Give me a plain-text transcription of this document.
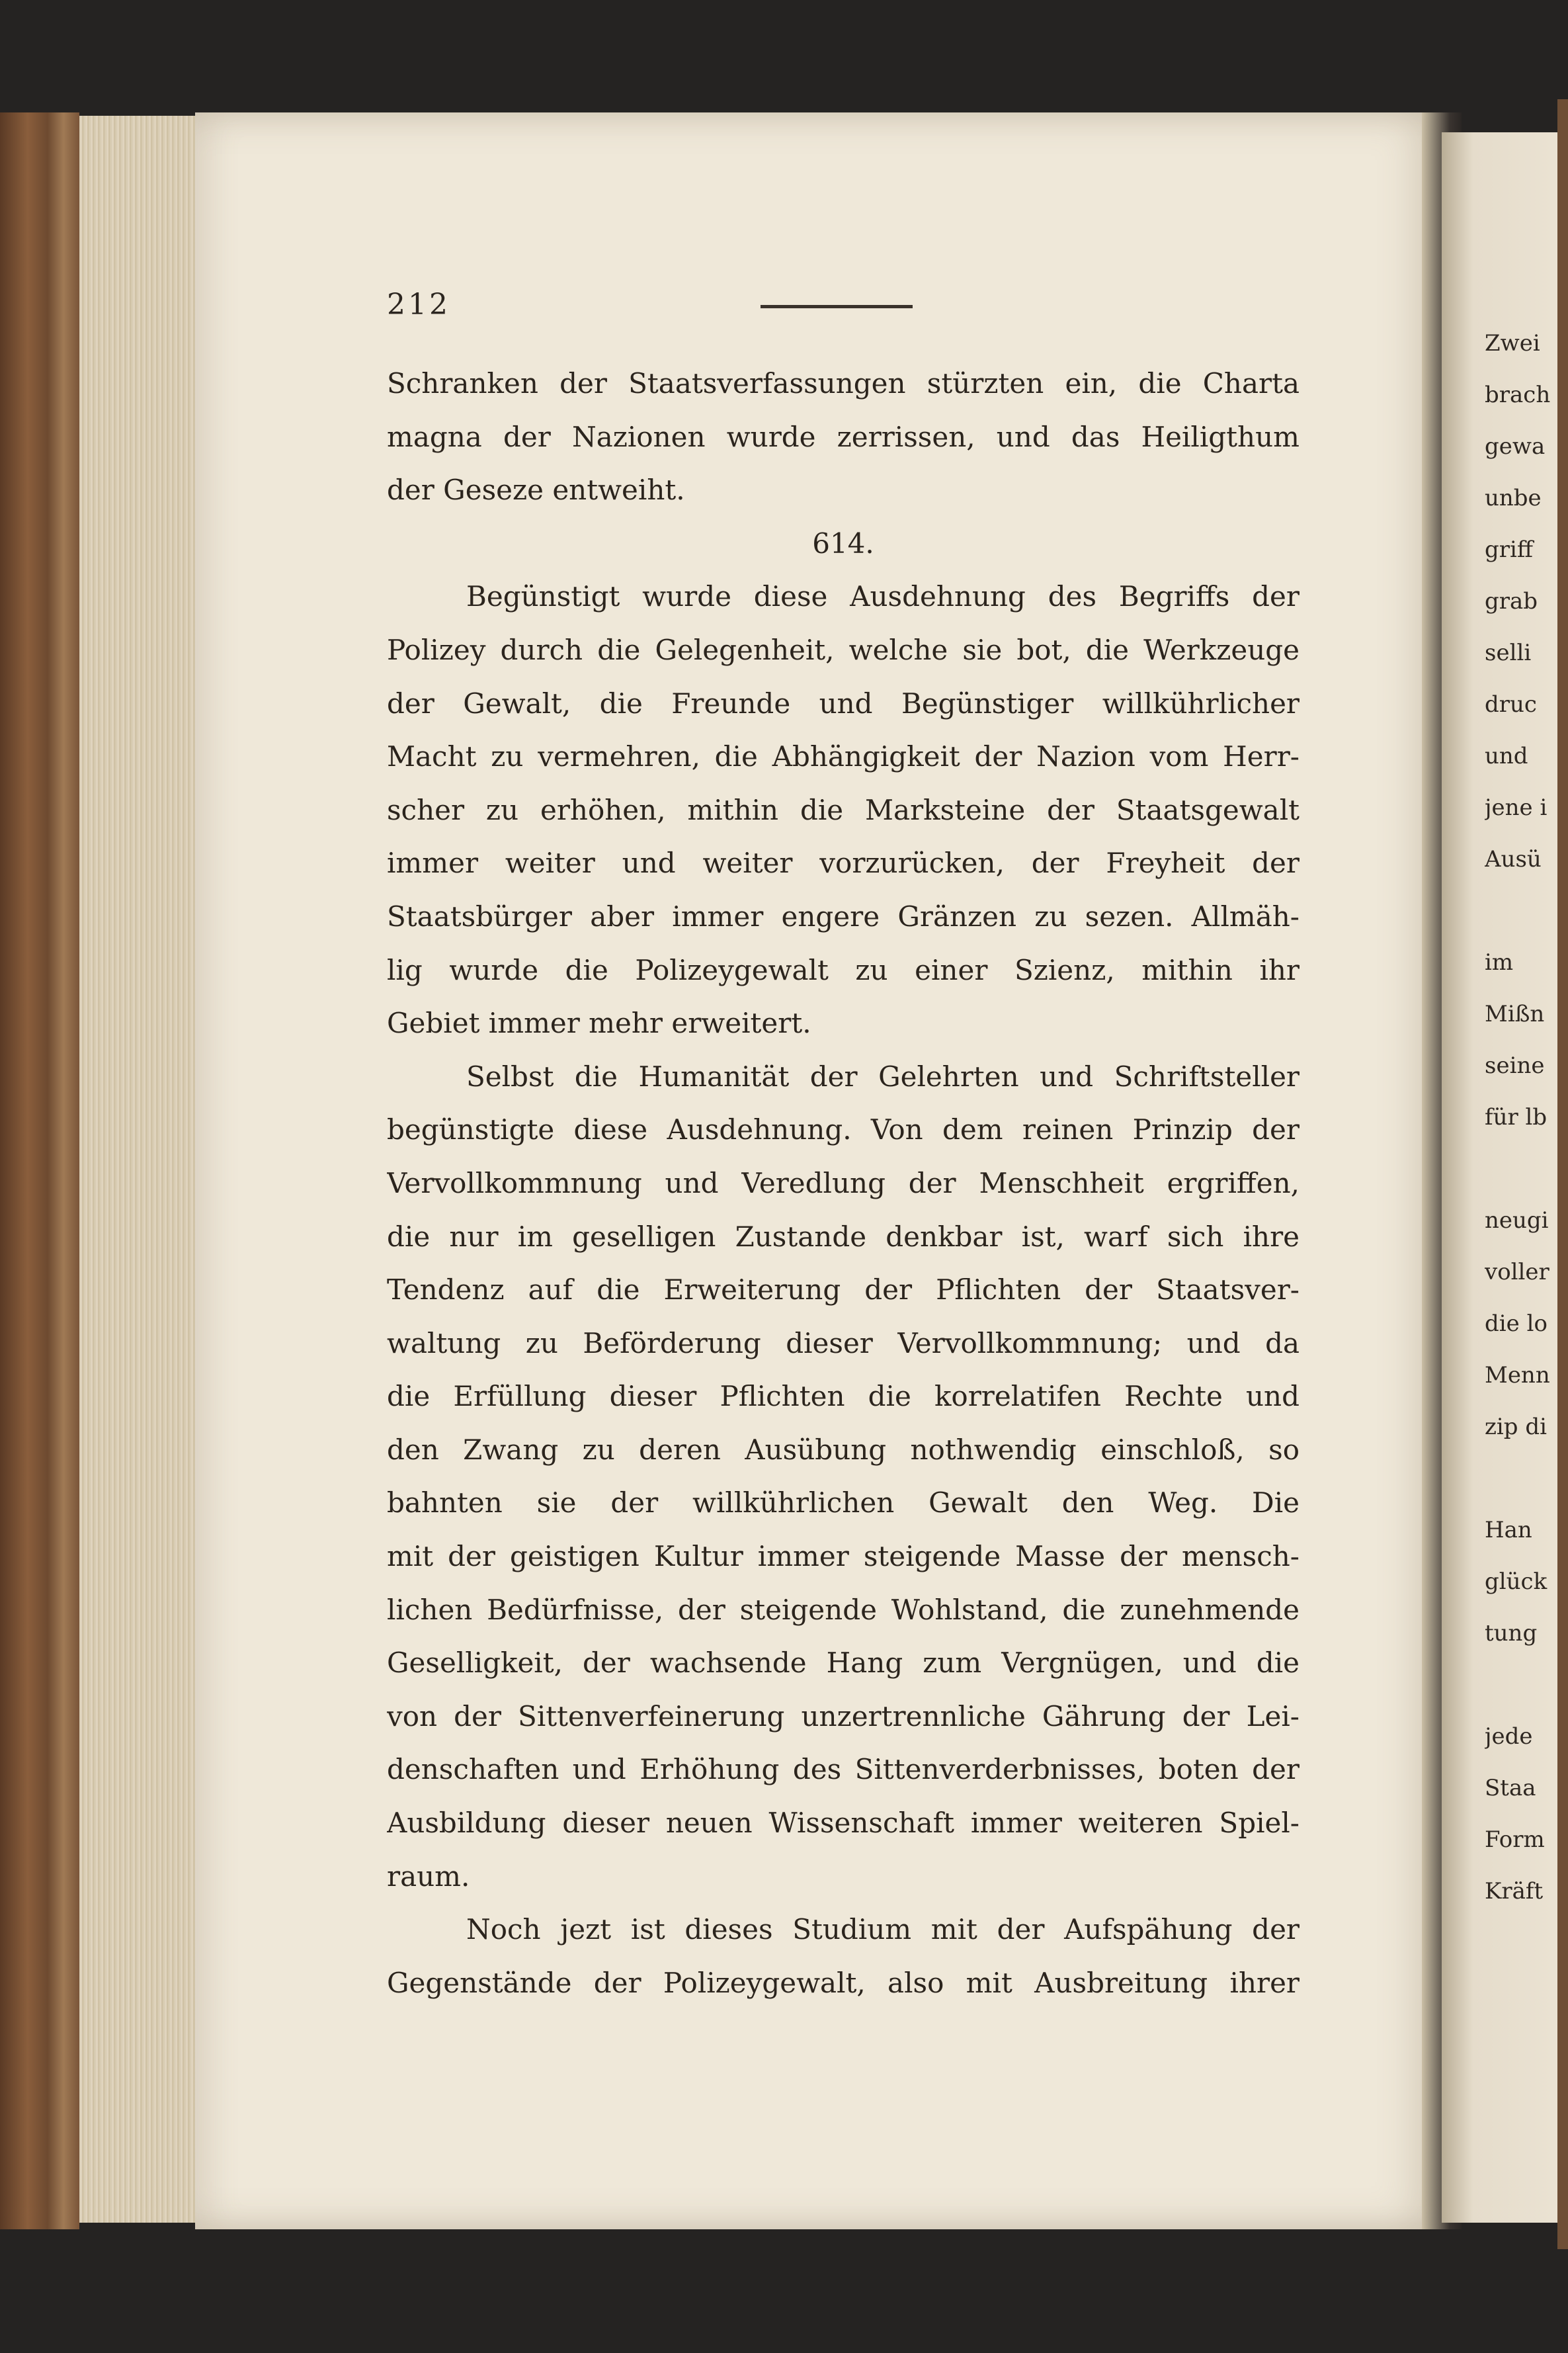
212
Schranken der Staatsverfassungen stürzten ein, die Charta
magna der Nazionen wurde zerrissen, und das Heiligthum
der Geseze entweiht.
614.
Begünstigt wurde diese Ausdehnung des Begriffs der
Polizey durch die Gelegenheit, welche sie bot, die Werkzeuge
der Gewalt, die Freunde und Begünstiger willkührlicher
Macht zu vermehren, die Abhängigkeit der Nazion vom Herr-
scher zu erhöhen, mithin die Marksteine der Staatsgewalt
immer weiter und weiter vorzurücken, der Freyheit der
Staatsbürger aber immer engere Gränzen zu sezen. Allmäh-
lig wurde die Polizeygewalt zu einer Szienz, mithin ihr
Gebiet immer mehr erweitert.
Selbst die Humanität der Gelehrten und Schriftsteller
begünstigte diese Ausdehnung. Von dem reinen Prinzip der
Vervollkommnung und Veredlung der Menschheit ergriffen,
die nur im geselligen Zustande denkbar ist, warf sich ihre
Tendenz auf die Erweiterung der Pflichten der Staatsver-
waltung zu Beförderung dieser Vervollkommnung; und da
die Erfüllung dieser Pflichten die korrelatifen Rechte und
den Zwang zu deren Ausübung nothwendig einschloß, so
bahnten sie der willkührlichen Gewalt den Weg. Die
mit der geistigen Kultur immer steigende Masse der mensch-
lichen Bedürfnisse, der steigende Wohlstand, die zunehmende
Geselligkeit, der wachsende Hang zum Vergnügen, und die
von der Sittenverfeinerung unzertrennliche Gährung der Lei-
denschaften und Erhöhung des Sittenverderbnisses, boten der
Ausbildung dieser neuen Wissenschaft immer weiteren Spiel-
raum.
Noch jezt ist dieses Studium mit der Aufspähung der
Gegenstände der Polizeygewalt, also mit Ausbreitung ihrer
Zwei
brach
gewa
unbe
griff
grab
selli
druc
und
jene i
Ausü
im
Mißn
seine
für lb
neugi
voller
die lo
Menn
zip di
Han
glück
tung
jede
Staa
Form
Kräft
